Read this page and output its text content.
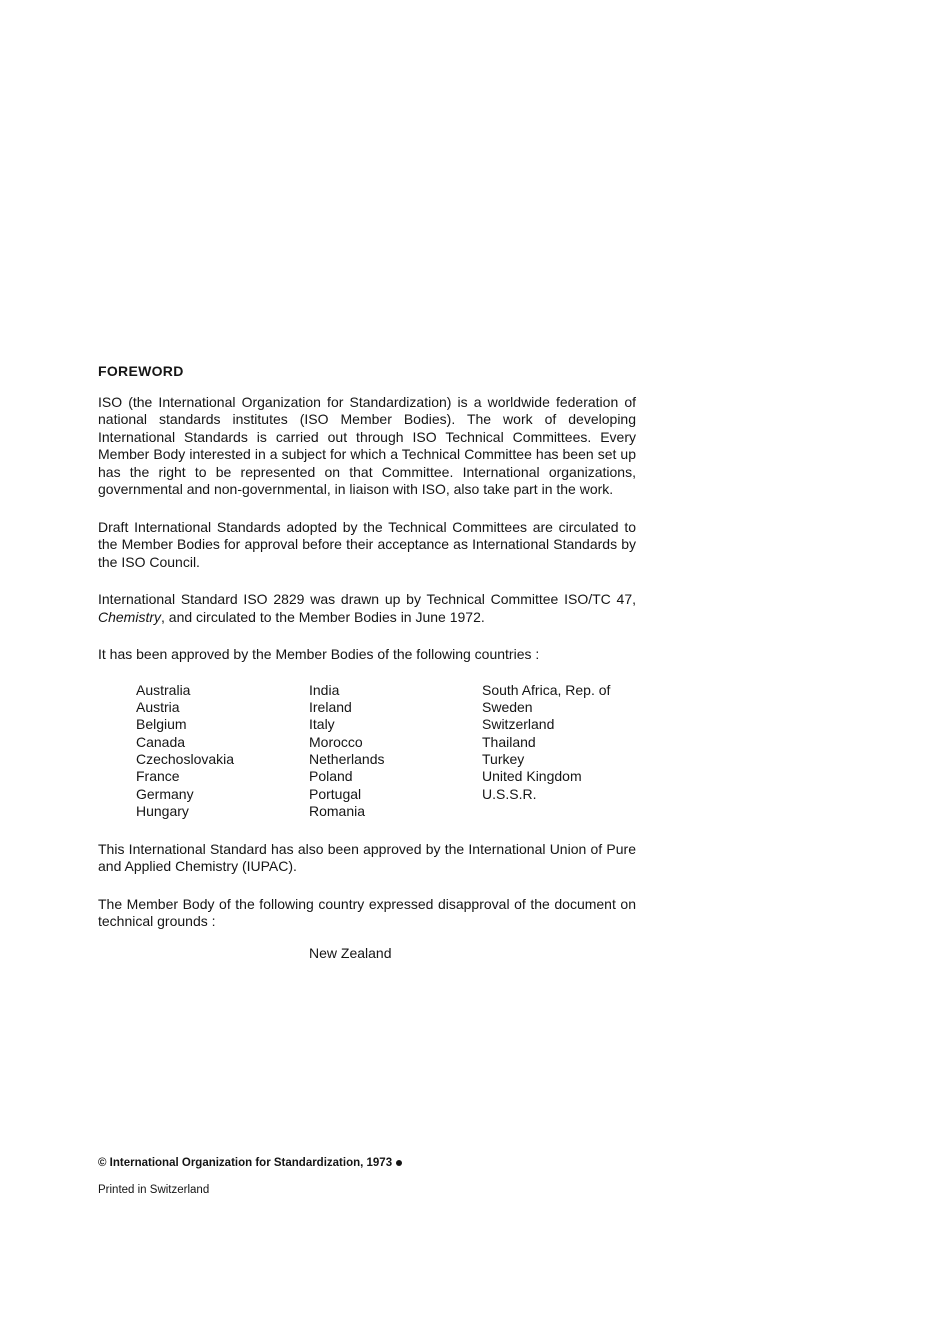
FOREWORD

ISO (the International Organization for Standardization) is a worldwide federation of national standards institutes (ISO Member Bodies). The work of developing International Standards is carried out through ISO Technical Committees. Every Member Body interested in a subject for which a Technical Committee has been set up has the right to be represented on that Committee. International organizations, governmental and non-governmental, in liaison with ISO, also take part in the work.

Draft International Standards adopted by the Technical Committees are circulated to the Member Bodies for approval before their acceptance as International Standards by the ISO Council.

International Standard ISO 2829 was drawn up by Technical Committee ISO/TC 47, Chemistry, and circulated to the Member Bodies in June 1972.

It has been approved by the Member Bodies of the following countries :

Australia
Austria
Belgium
Canada
Czechoslovakia
France
Germany
Hungary
India
Ireland
Italy
Morocco
Netherlands
Poland
Portugal
Romania
South Africa, Rep. of
Sweden
Switzerland
Thailand
Turkey
United Kingdom
U.S.S.R.

This International Standard has also been approved by the International Union of Pure and Applied Chemistry (IUPAC).

The Member Body of the following country expressed disapproval of the document on technical grounds :

New Zealand
© International Organization for Standardization, 1973
Printed in Switzerland
